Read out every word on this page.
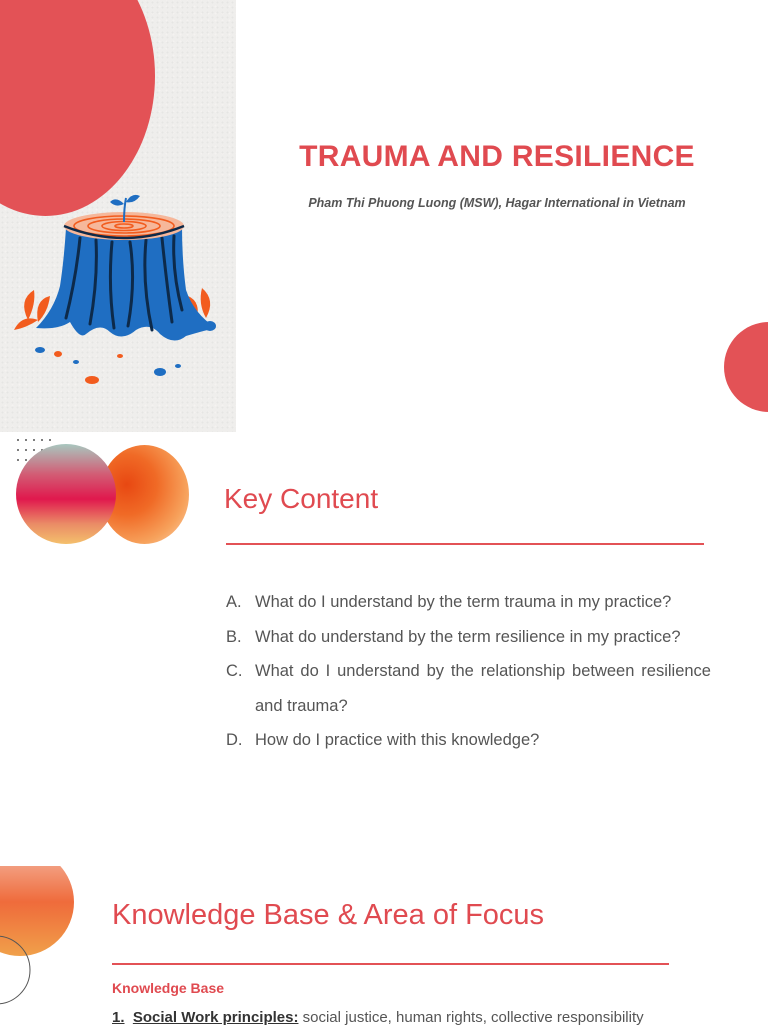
TRAUMA AND RESILIENCE

Pham Thi Phuong Luong (MSW), Hagar International in Vietnam

Key Content
A. What do I understand by the term trauma in my practice?
B. What do understand by the term resilience in my practice?
C. What do I understand by the relationship between resilience and trauma?
D. How do I practice with this knowledge?
Knowledge Base & Area of Focus
Knowledge Base

1. Social Work principles: social justice, human rights, collective responsibility
